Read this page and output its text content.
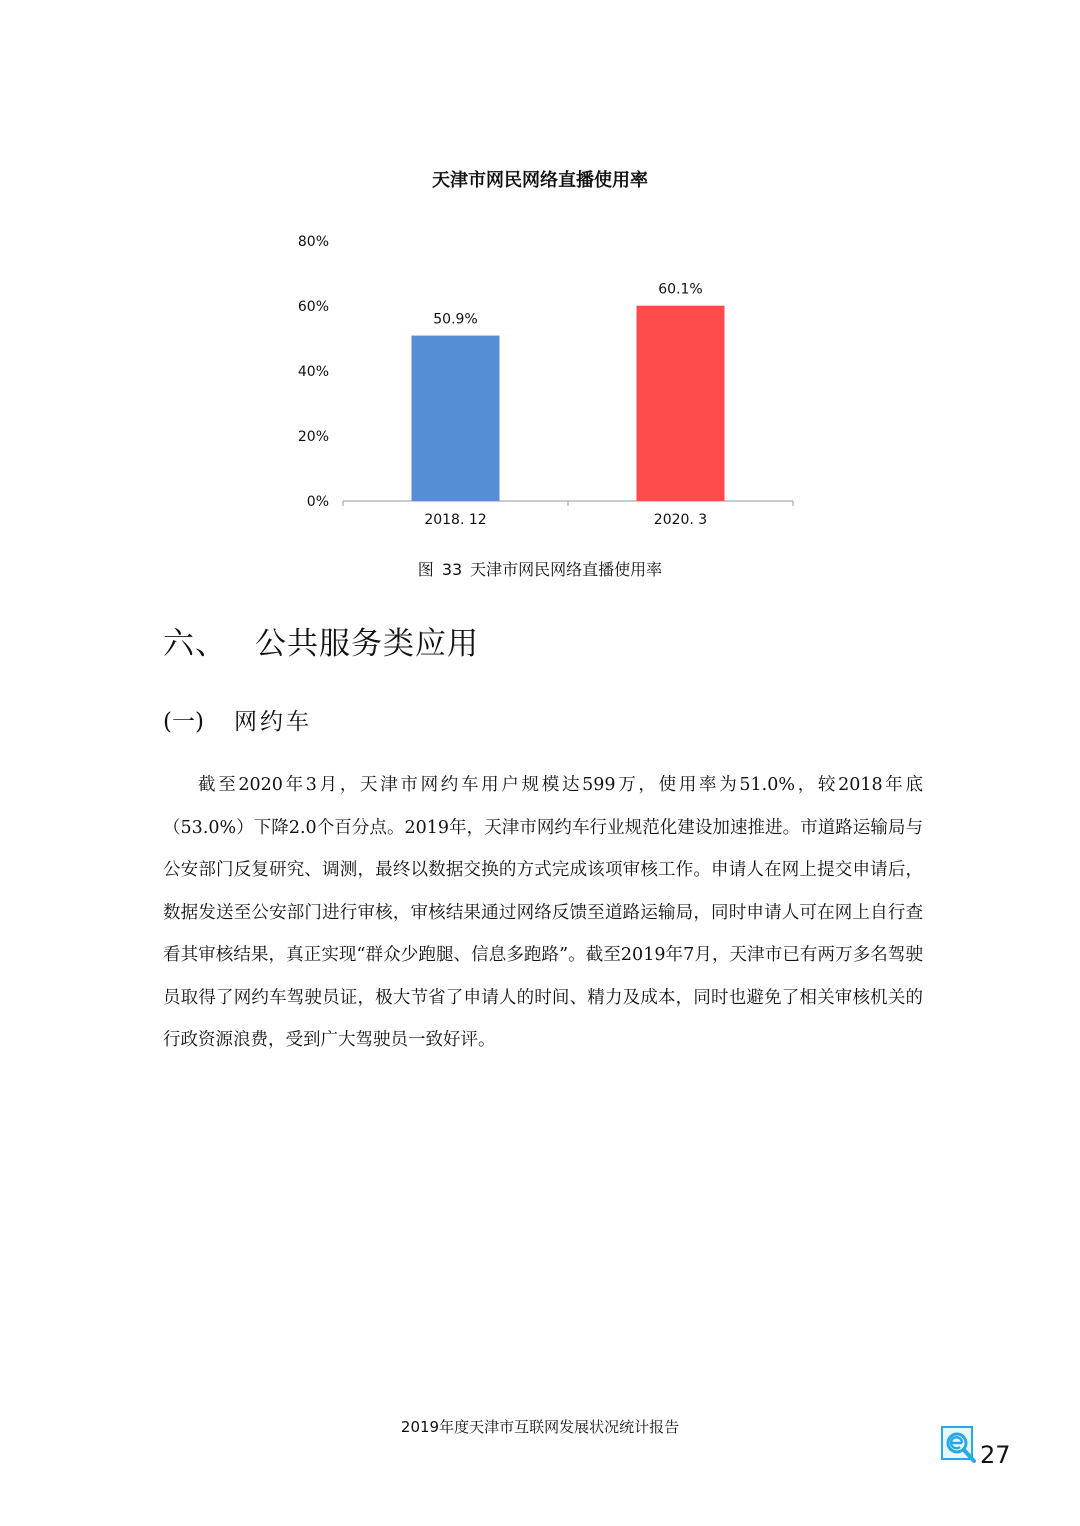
天津市网民网络直播使用率
0%
20%
40%
60%
80%
50.9%
2018. 12
60.1%
2020. 3
图 33 天津市网民网络直播使用率
六、 公共服务类应用
(一) 网约车
截至2020年3月，天津市网约车用户规模达599万，使用率为51.0%，较2018年底（53.0%）下降2.0个百分点。2019年，天津市网约车行业规范化建设加速推进。市道路运输局与公安部门反复研究、调测，最终以数据交换的方式完成该项审核工作。申请人在网上提交申请后，数据发送至公安部门进行审核，审核结果通过网络反馈至道路运输局，同时申请人可在网上自行查看其审核结果，真正实现“群众少跑腿、信息多跑路”。截至2019年7月，天津市已有两万多名驾驶员取得了网约车驾驶员证，极大节省了申请人的时间、精力及成本，同时也避免了相关审核机关的行政资源浪费，受到广大驾驶员一致好评。
2019年度天津市互联网发展状况统计报告
27
